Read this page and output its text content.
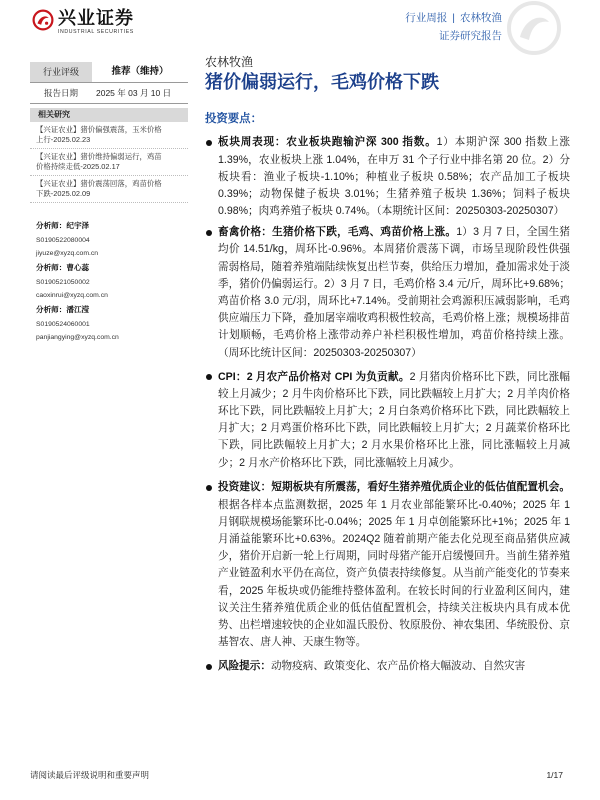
兴业证券
INDUSTRIAL SECURITIES
行业周报 | 农林牧渔
证券研究报告
行业评级	推荐（维持）
报告日期	2025 年 03 月 10 日
相关研究
【兴证农业】猪价偏强震荡，玉米价格上行-2025.02.23
【兴证农业】猪价维持偏弱运行，鸡苗价格持续走低-2025.02.17
【兴证农业】猪价震荡回落，鸡苗价格下跌-2025.02.09
分析师：纪宇泽
S0190522080004
jiyuze@xyzq.com.cn
分析师：曹心蕊
S0190521050002
caoxinrui@xyzq.com.cn
分析师：潘江滢
S0190524060001
panjiangying@xyzq.com.cn
农林牧渔
猪价偏弱运行，毛鸡价格下跌
投资要点：
板块周表现：农业板块跑输沪深 300 指数。1）本期沪深 300 指数上涨 1.39%，农业板块上涨 1.04%，在申万 31 个子行业中排名第 20 位。2）分板块看：渔业子板块-1.10%；种植业子板块 0.58%；农产品加工子板块 0.39%；动物保健子板块 3.01%；生猪养殖子板块 1.36%；饲料子板块 0.98%；肉鸡养殖子板块 0.74%。（本期统计区间：20250303-20250307）
畜禽价格：生猪价格下跌，毛鸡、鸡苗价格上涨。1）3 月 7 日，全国生猪均价 14.51/kg，周环比-0.96%。本周猪价震荡下调，市场呈现阶段性供强需弱格局，随着养殖端陆续恢复出栏节奏，供给压力增加，叠加需求处于淡季，猪价仍偏弱运行。2）3 月 7 日，毛鸡价格 3.4 元/斤，周环比+9.68%；鸡苗价格 3.0 元/羽，周环比+7.14%。受前期社会鸡源积压减弱影响，毛鸡供应端压力下降，叠加屠宰端收鸡积极性较高，毛鸡价格上涨；规模场排苗计划顺畅，毛鸡价格上涨带动养户补栏积极性增加，鸡苗价格持续上涨。（周环比统计区间：20250303-20250307）
CPI：2 月农产品价格对 CPI 为负贡献。2 月猪肉价格环比下跌，同比涨幅较上月减少；2 月牛肉价格环比下跌，同比跌幅较上月扩大；2 月羊肉价格环比下跌，同比跌幅较上月扩大；2 月白条鸡价格环比下跌，同比跌幅较上月扩大；2 月鸡蛋价格环比下跌，同比跌幅较上月扩大；2 月蔬菜价格环比下跌，同比跌幅较上月扩大；2 月水果价格环比上涨，同比涨幅较上月减少；2 月水产价格环比下跌，同比涨幅较上月减少。
投资建议：短期板块有所震荡，看好生猪养殖优质企业的低估值配置机会。根据各样本点监测数据，2025 年 1 月农业部能繁环比-0.40%；2025 年 1 月钢联规模场能繁环比-0.04%；2025 年 1 月卓创能繁环比+1%；2025 年 1 月涌益能繁环比+0.63%。2024Q2 随着前期产能去化兑现至商品猪供应减少，猪价开启新一轮上行周期，同时母猪产能开启缓慢回升。当前生猪养殖产业链盈利水平仍在高位，资产负债表持续修复。从当前产能变化的节奏来看，2025 年板块或仍能维持整体盈利。在较长时间的行业盈利区间内，建议关注生猪养殖优质企业的低估值配置机会，持续关注板块内具有成本优势、出栏增速较快的企业如温氏股份、牧原股份、神农集团、华统股份、京基智农、唐人神、天康生物等。
风险提示：动物疫病、政策变化、农产品价格大幅波动、自然灾害
请阅读最后评级说明和重要声明	1/17
